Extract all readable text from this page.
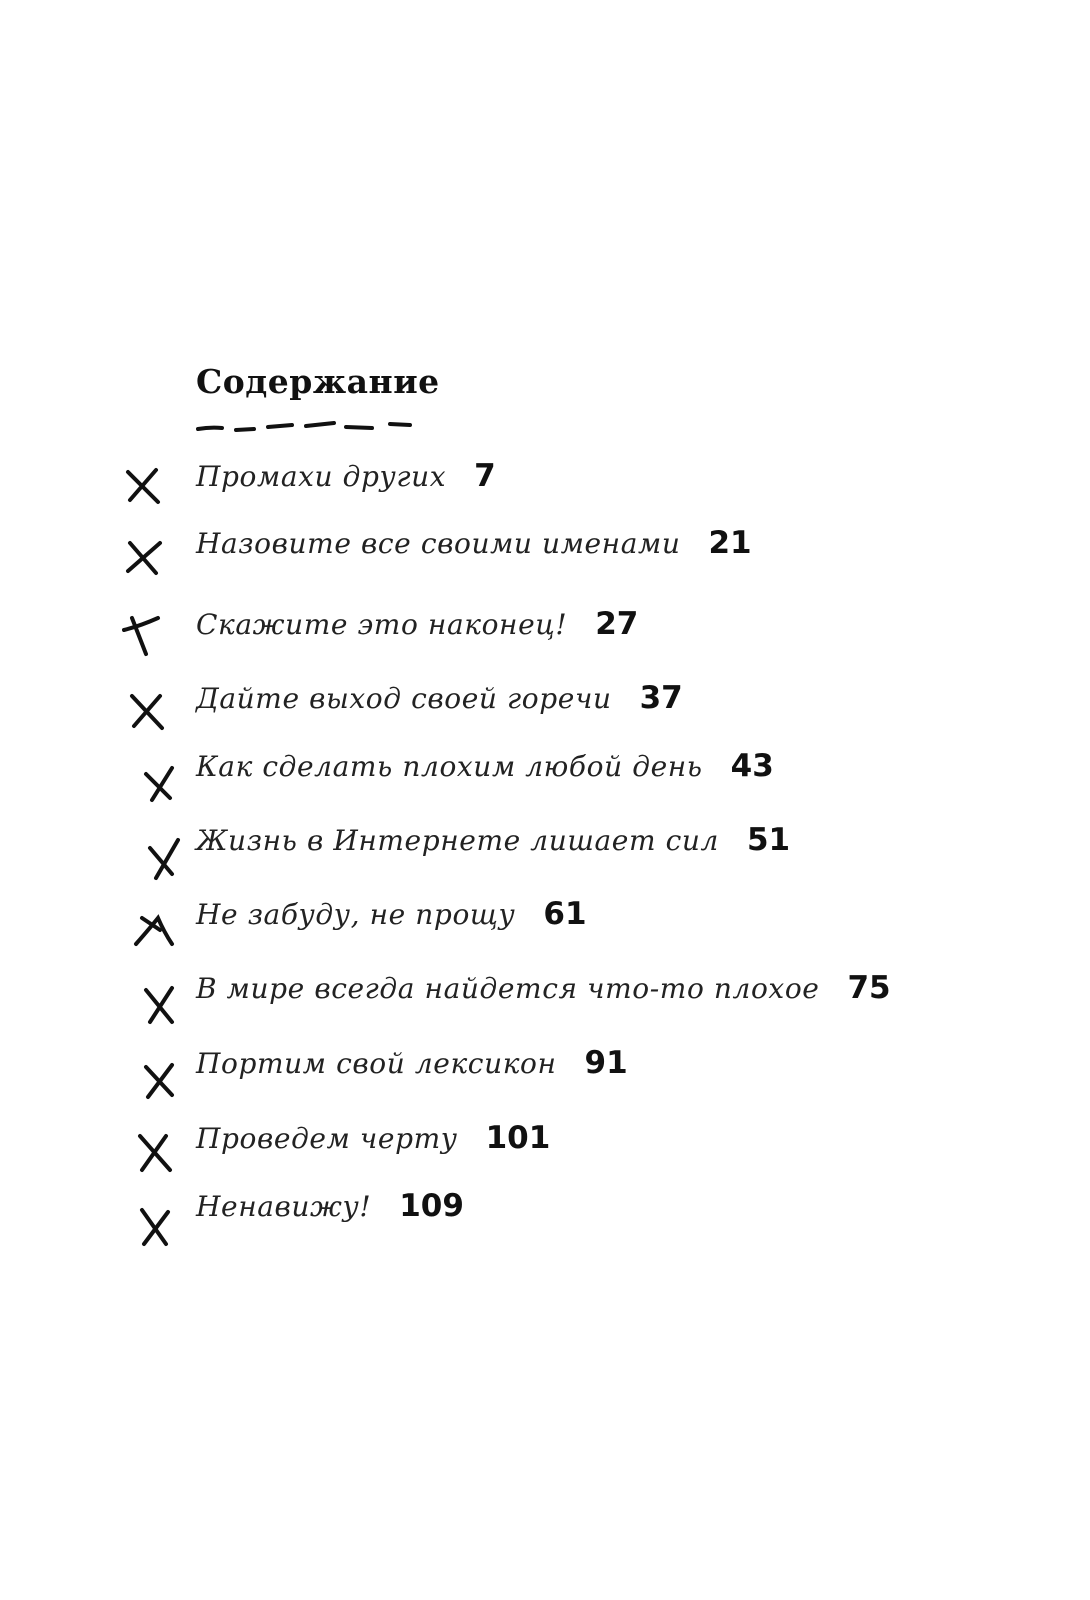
Содержание
Промахи других 7
Назовите все своими именами 21
Скажите это наконец! 27
Дайте выход своей горечи 37
Как сделать плохим любой день 43
Жизнь в Интернете лишает сил 51
Не забуду, не прощу 61
В мире всегда найдется что-то плохое 75
Портим свой лексикон 91
Проведем черту 101
Ненавижу! 109
